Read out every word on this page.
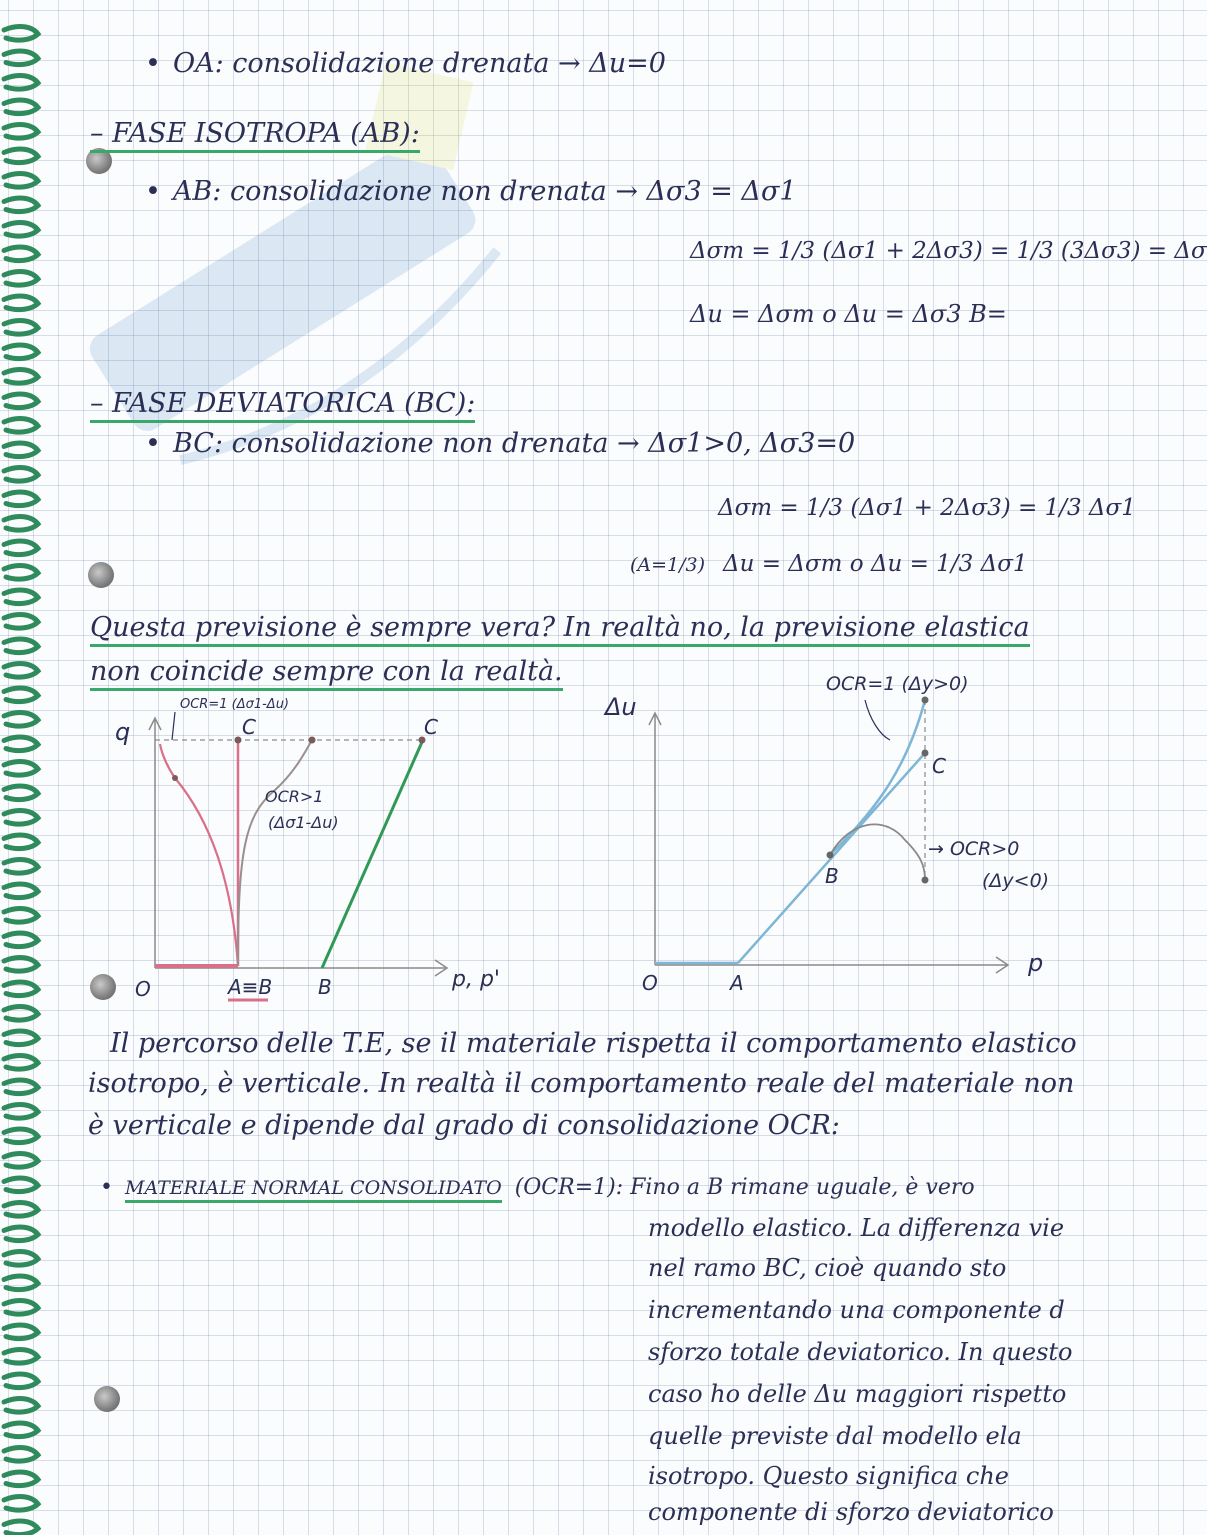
• OA: consolidazione drenata → Δu=0
– FASE ISOTROPA (AB):
• AB: consolidazione non drenata → Δσ3 = Δσ1
Δσm = 1/3 (Δσ1 + 2Δσ3) = 1/3 (3Δσ3) = Δσ
Δu = Δσm o Δu = Δσ3 B=
– FASE DEVIATORICA (BC):
• BC: consolidazione non drenata → Δσ1>0, Δσ3=0
Δσm = 1/3 (Δσ1 + 2Δσ3) = 1/3 Δσ1
(A=1/3) Δu = Δσm o Δu = 1/3 Δσ1
Questa previsione è sempre vera? In realtà no, la previsione elastica
non coincide sempre con la realtà.
q
p, p'
O	A≡B B
C	C
OCR=1 (Δσ1-Δu)
OCR>1
(Δσ1-Δu)
Δu
p
O	A
B
C
OCR=1 (Δy>0)
→ OCR>0
(Δy<0)
Il percorso delle T.E, se il materiale rispetta il comportamento elastico
isotropo, è verticale. In realtà il comportamento reale del materiale non
è verticale e dipende dal grado di consolidazione OCR:
• MATERIALE NORMAL CONSOLIDATO (OCR=1): Fino a B rimane uguale, è vero
modello elastico. La differenza vie
nel ramo BC, cioè quando sto
incrementando una componente d
sforzo totale deviatorico. In questo
caso ho delle Δu maggiori rispetto
quelle previste dal modello ela
isotropo. Questo significa che
componente di sforzo deviatorico
